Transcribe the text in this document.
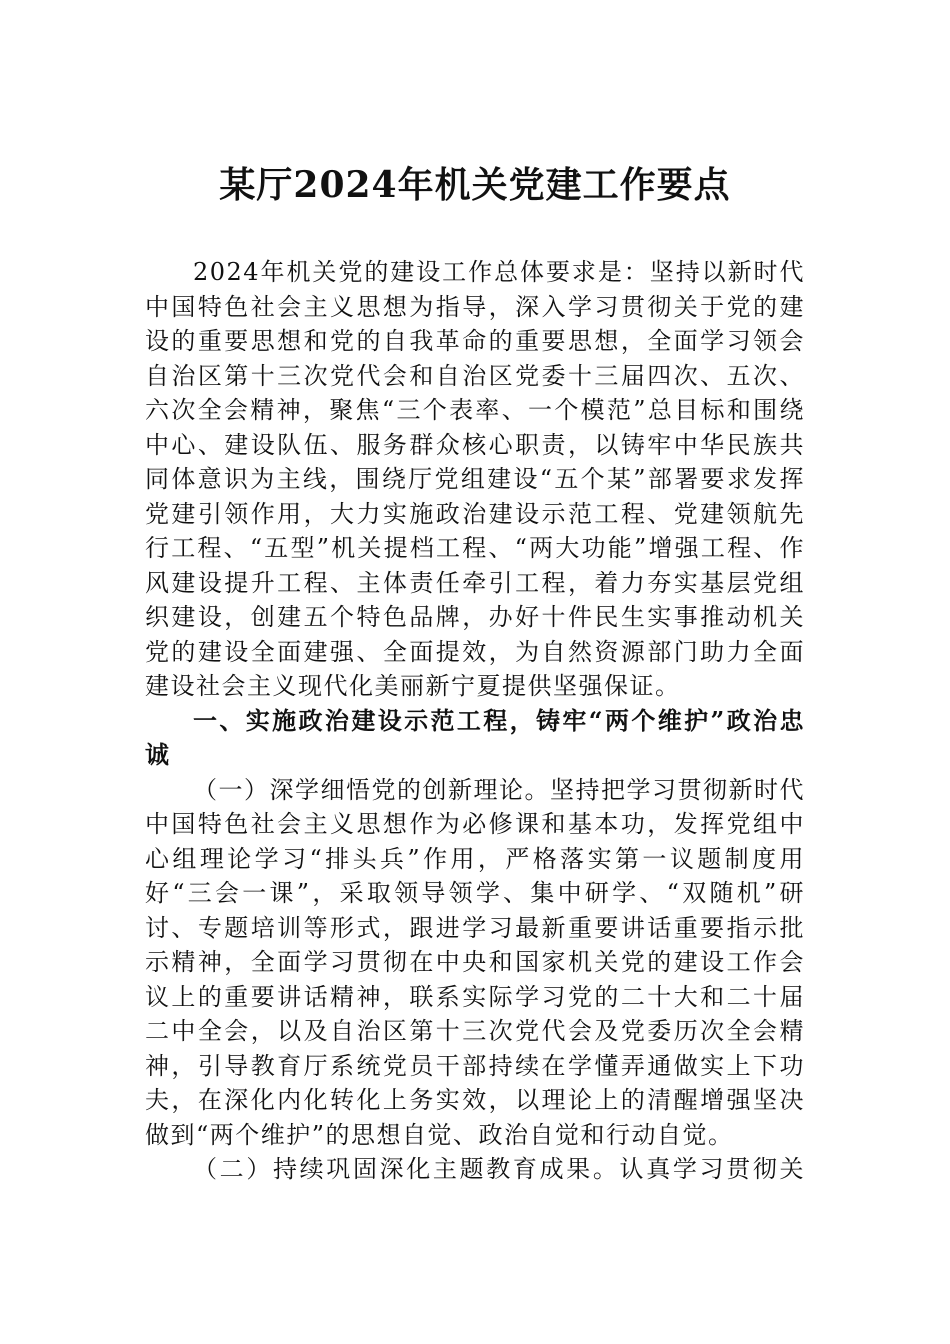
某厅2024年机关党建工作要点

2024年机关党的建设工作总体要求是：坚持以新时代中国特色社会主义思想为指导，深入学习贯彻关于党的建设的重要思想和党的自我革命的重要思想，全面学习领会自治区第十三次党代会和自治区党委十三届四次、五次、六次全会精神，聚焦“三个表率、一个模范”总目标和围绕中心、建设队伍、服务群众核心职责，以铸牢中华民族共同体意识为主线，围绕厅党组建设“五个某”部署要求发挥党建引领作用，大力实施政治建设示范工程、党建领航先行工程、“五型”机关提档工程、“两大功能”增强工程、作风建设提升工程、主体责任牵引工程，着力夯实基层党组织建设，创建五个特色品牌，办好十件民生实事推动机关党的建设全面建强、全面提效，为自然资源部门助力全面建设社会主义现代化美丽新宁夏提供坚强保证。

一、实施政治建设示范工程，铸牢“两个维护”政治忠诚

（一）深学细悟党的创新理论。坚持把学习贯彻新时代中国特色社会主义思想作为必修课和基本功，发挥党组中心组理论学习“排头兵”作用，严格落实第一议题制度用好“三会一课”，采取领导领学、集中研学、“双随机”研讨、专题培训等形式，跟进学习最新重要讲话重要指示批示精神，全面学习贯彻在中央和国家机关党的建设工作会议上的重要讲话精神，联系实际学习党的二十大和二十届二中全会，以及自治区第十三次党代会及党委历次全会精神，引导教育厅系统党员干部持续在学懂弄通做实上下功夫，在深化内化转化上务实效，以理论上的清醒增强坚决做到“两个维护”的思想自觉、政治自觉和行动自觉。

（二）持续巩固深化主题教育成果。认真学习贯彻关
